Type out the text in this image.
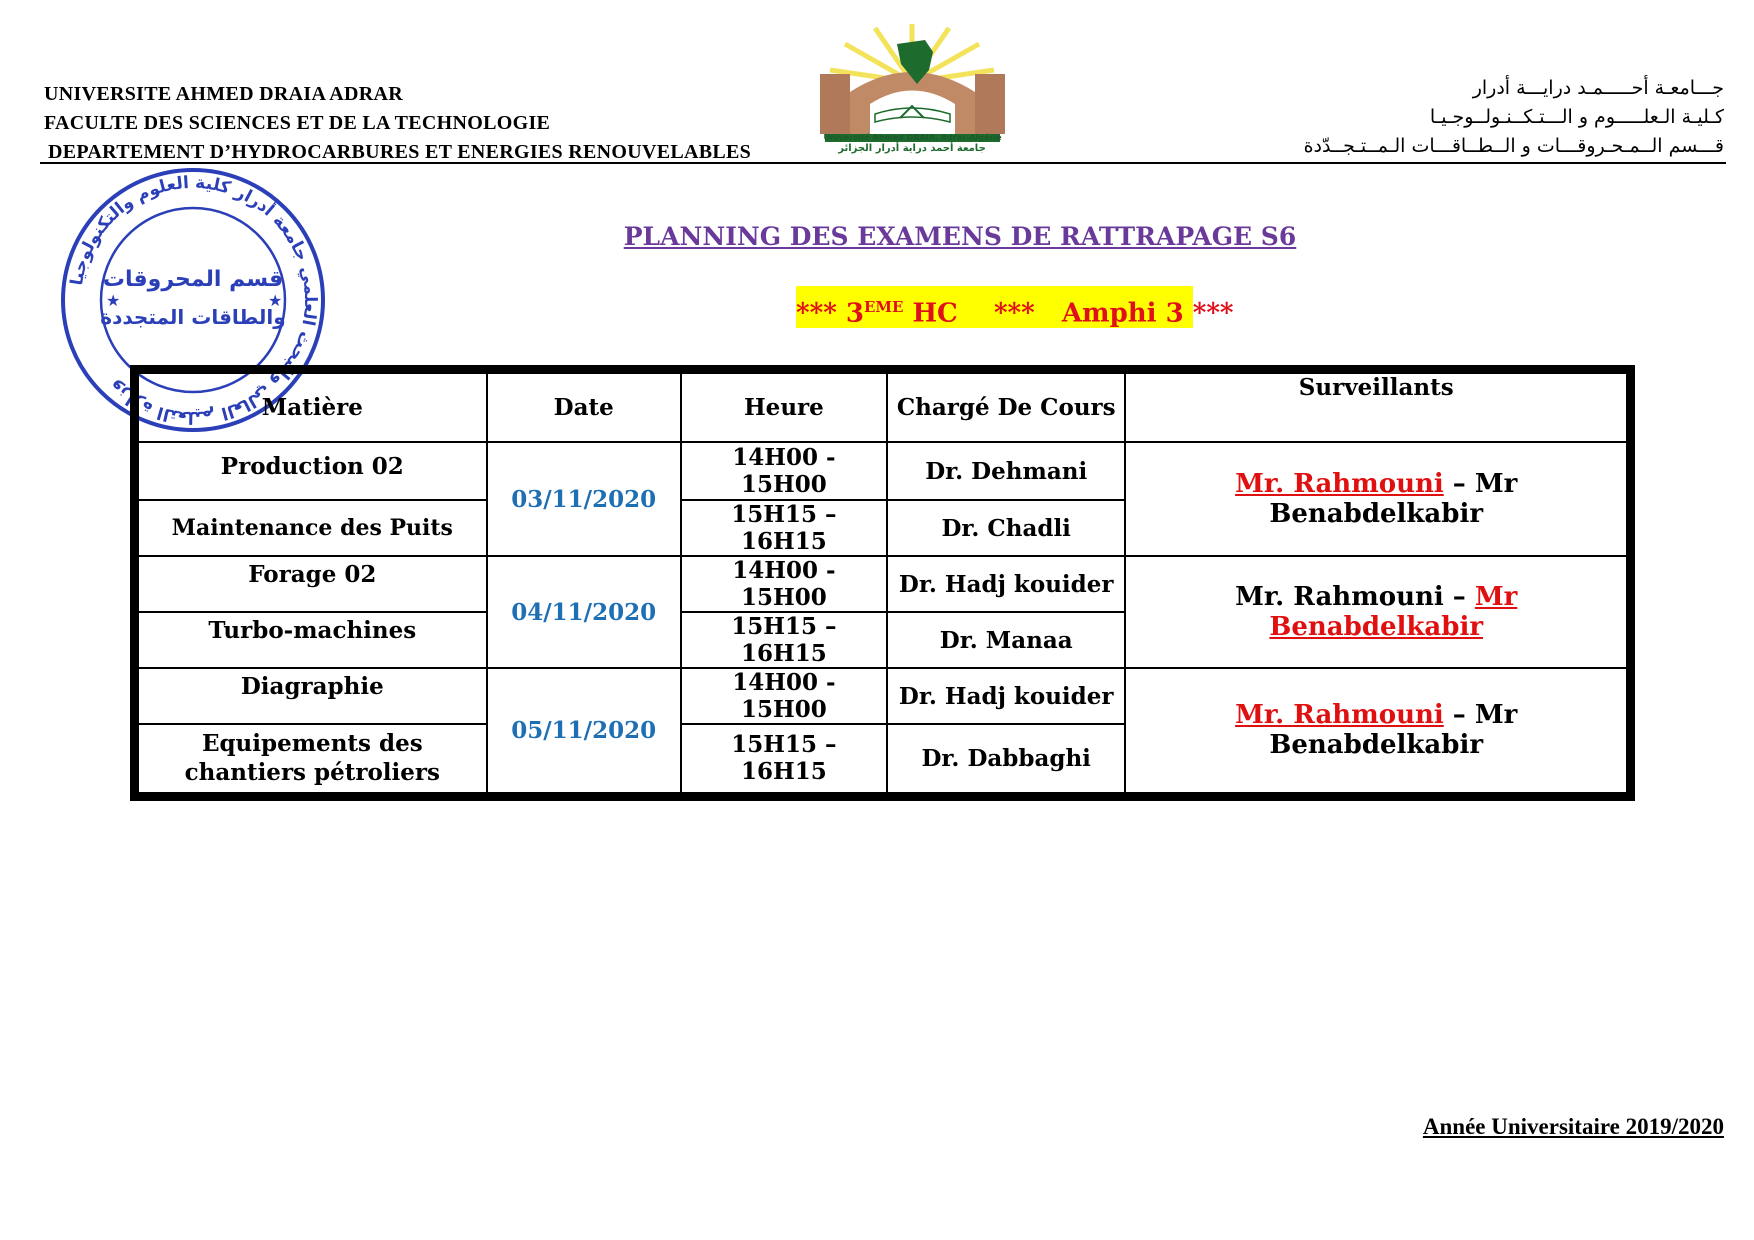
UNIVERSITE AHMED DRAIA ADRAR
FACULTE DES SCIENCES ET DE LA TECHNOLOGIE
DEPARTEMENT D’HYDROCARBURES ET ENERGIES RENOUVELABLES
جـــامعـة أحـــــمـد درايـــة أدرار
كـليـة الـعلـــــوم و الـــتـكــنـولــوجـيـا
قـــسم الــمـحـروقـــات و الــطــاقـــات الـمــتـجــدّدة
جامعة أحمد دراية أدرار الجزائر
Université Ahmed DRAIA. Adrar-Algérie
وزارة التعليم العالي والبحث العلمي جامعة أدرار كلية العلوم والتكنولوجيا
قسم المحروقات
والطاقات المتجددة
★	★
PLANNING DES EXAMENS DE RATTRAPAGE S6
*** 3EME HC    ***   Amphi 3 ***
Matière	Date	Heure	Chargé De Cours	Surveillants
Production 02	03/11/2020	14H00 - 15H00	Dr. Dehmani	Mr. Rahmouni – Mr Benabdelkabir
Maintenance des Puits		15H15 – 16H15	Dr. Chadli	
Forage 02	04/11/2020	14H00 - 15H00	Dr. Hadj kouider	Mr. Rahmouni – Mr Benabdelkabir
Turbo-machines		15H15 – 16H15	Dr. Manaa	
Diagraphie	05/11/2020	14H00 - 15H00	Dr. Hadj kouider	Mr. Rahmouni – Mr Benabdelkabir
Equipements des chantiers pétroliers		15H15 – 16H15	Dr. Dabbaghi	
Année Universitaire 2019/2020
